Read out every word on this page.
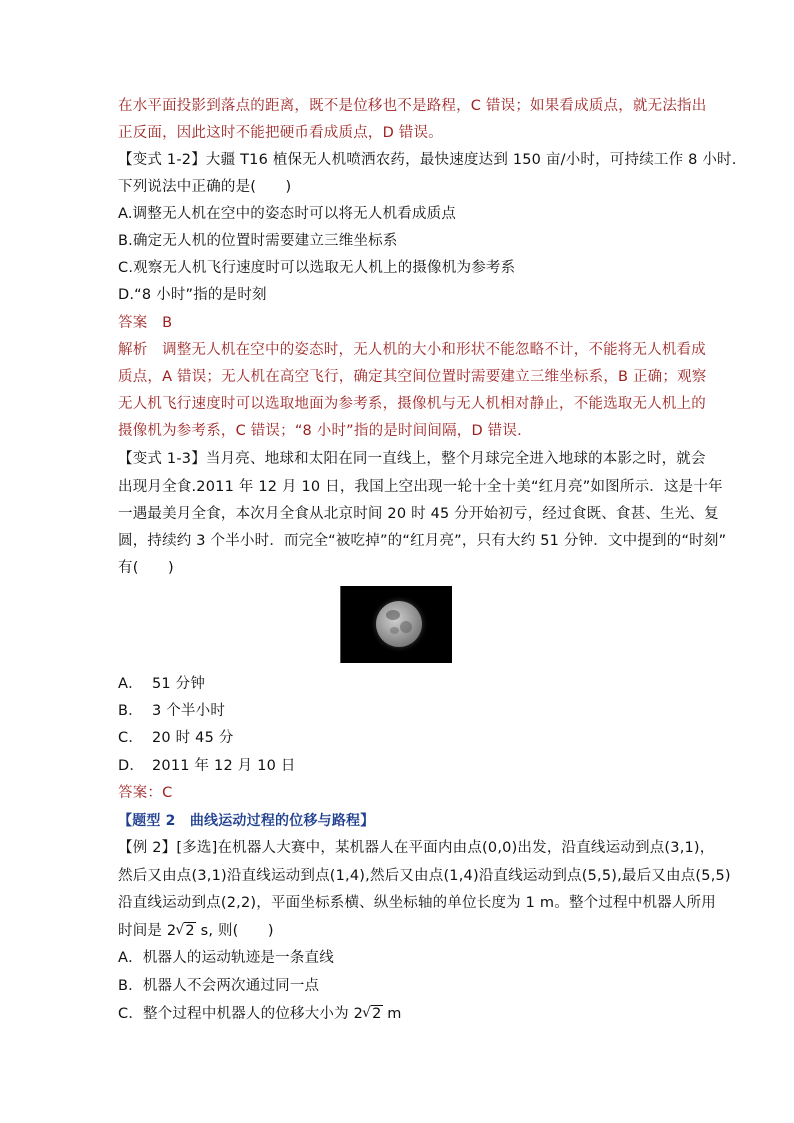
在水平面投影到落点的距离，既不是位移也不是路程，C 错误；如果看成质点，就无法指出
正反面，因此这时不能把硬币看成质点，D 错误。
【变式 1-2】大疆 T16 植保无人机喷洒农药，最快速度达到 150 亩/小时，可持续工作 8 小时.
下列说法中正确的是(　　)
A.调整无人机在空中的姿态时可以将无人机看成质点
B.确定无人机的位置时需要建立三维坐标系
C.观察无人机飞行速度时可以选取无人机上的摄像机为参考系
D.“8 小时”指的是时刻
答案　B
解析　调整无人机在空中的姿态时，无人机的大小和形状不能忽略不计，不能将无人机看成
质点，A 错误；无人机在高空飞行，确定其空间位置时需要建立三维坐标系，B 正确；观察
无人机飞行速度时可以选取地面为参考系，摄像机与无人机相对静止，不能选取无人机上的
摄像机为参考系，C 错误；“8 小时”指的是时间间隔，D 错误.
【变式 1-3】当月亮、地球和太阳在同一直线上，整个月球完全进入地球的本影之时，就会
出现月全食.2011 年 12 月 10 日，我国上空出现一轮十全十美“红月亮”如图所示．这是十年
一遇最美月全食，本次月全食从北京时间 20 时 45 分开始初亏，经过食既、食甚、生光、复
圆，持续约 3 个半小时．而完全“被吃掉”的“红月亮”，只有大约 51 分钟．文中提到的“时刻”
有(　　)
A． 51 分钟
B． 3 个半小时
C． 20 时 45 分
D． 2011 年 12 月 10 日
答案：C
【题型 2　曲线运动过程的位移与路程】
【例 2】[多选]在机器人大赛中，某机器人在平面内由点(0,0)出发，沿直线运动到点(3,1)，
然后又由点(3,1)沿直线运动到点(1,4),然后又由点(1,4)沿直线运动到点(5,5),最后又由点(5,5)
沿直线运动到点(2,2)，平面坐标系横、纵坐标轴的单位长度为 1 m。整个过程中机器人所用
时间是 2 √ 2 s, 则(　　)
A．机器人的运动轨迹是一条直线
B．机器人不会两次通过同一点
C．整个过程中机器人的位移大小为 2 √ 2 m
